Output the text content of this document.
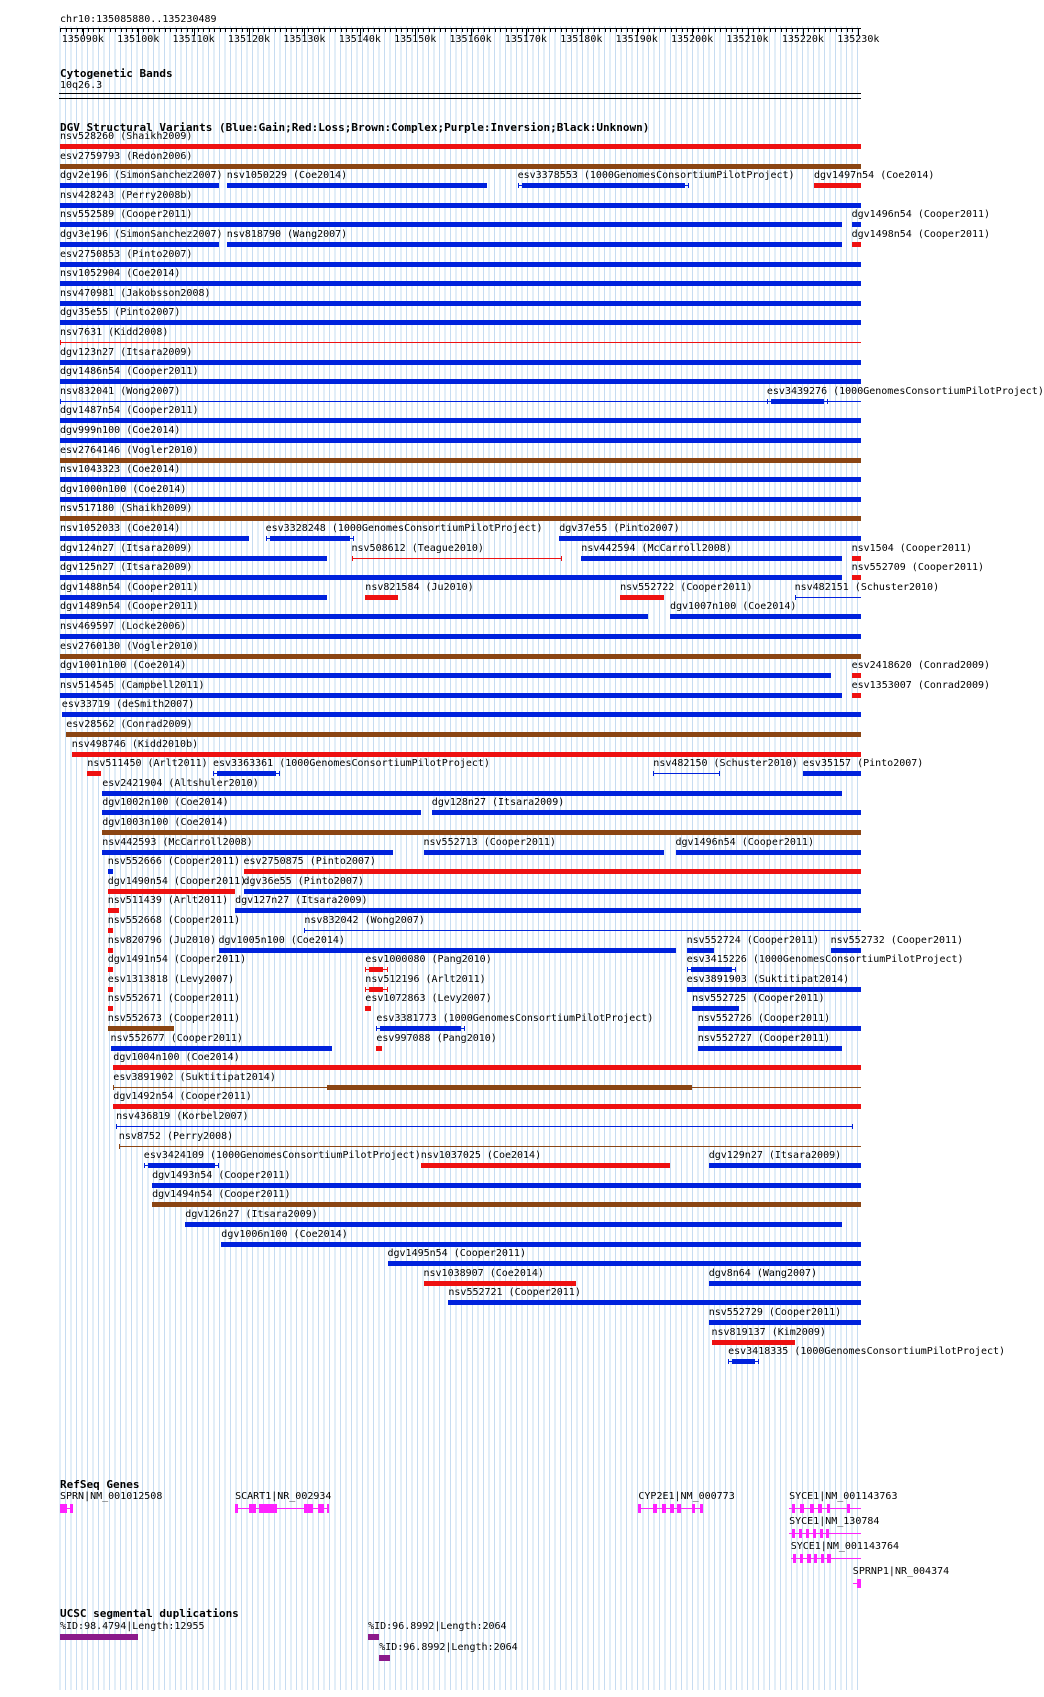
chr10:135085880..135230489
135090k 135100k 135110k 135120k 135130k 135140k 135150k 135160k 135170k 135180k 135190k 135200k 135210k 135220k 135230k
Cytogenetic Bands
10q26.3
DGV Structural Variants (Blue:Gain;Red:Loss;Brown:Complex;Purple:Inversion;Black:Unknown)
RefSeq Genes
UCSC segmental duplications
nsv528260 (Shaikh2009)
esv2759793 (Redon2006)
dgv2e196 (SimonSanchez2007) nsv1050229 (Coe2014)	esv3378553 (1000GenomesConsortiumPilotProject) dgv1497n54 (Coe2014)
nsv428243 (Perry2008b)
nsv552589 (Cooper2011)	dgv1496n54 (Cooper2011)
dgv3e196 (SimonSanchez2007) nsv818790 (Wang2007)	dgv1498n54 (Cooper2011)
esv2750853 (Pinto2007)
nsv1052904 (Coe2014)
nsv470981 (Jakobsson2008)
dgv35e55 (Pinto2007)
nsv7631 (Kidd2008)
dgv123n27 (Itsara2009)
dgv1486n54 (Cooper2011)
nsv832041 (Wong2007)	esv3439276 (1000GenomesConsortiumPilotProject)
dgv1487n54 (Cooper2011)
dgv999n100 (Coe2014)
esv2764146 (Vogler2010)
nsv1043323 (Coe2014)
dgv1000n100 (Coe2014)
nsv517180 (Shaikh2009)
nsv1052033 (Coe2014)	esv3328248 (1000GenomesConsortiumPilotProject) dgv37e55 (Pinto2007)
dgv124n27 (Itsara2009)	nsv508612 (Teague2010)	nsv442594 (McCarroll2008)	nsv1504 (Cooper2011)
dgv125n27 (Itsara2009)	nsv552709 (Cooper2011)
dgv1488n54 (Cooper2011)	nsv821584 (Ju2010)	nsv552722 (Cooper2011)	nsv482151 (Schuster2010)
dgv1489n54 (Cooper2011)	dgv1007n100 (Coe2014)
nsv469597 (Locke2006)
esv2760130 (Vogler2010)
dgv1001n100 (Coe2014)	esv2418620 (Conrad2009)
nsv514545 (Campbell2011)	esv1353007 (Conrad2009)
esv33719 (deSmith2007)
esv28562 (Conrad2009)
nsv498746 (Kidd2010b)
nsv511450 (Arlt2011) esv3363361 (1000GenomesConsortiumPilotProject)	nsv482150 (Schuster2010) esv35157 (Pinto2007)
esv2421904 (Altshuler2010)
dgv1002n100 (Coe2014)	dgv128n27 (Itsara2009)
dgv1003n100 (Coe2014)
nsv442593 (McCarroll2008)	nsv552713 (Cooper2011)	dgv1496n54 (Cooper2011)
nsv552666 (Cooper2011) esv2750875 (Pinto2007)
dgv1490n54 (Cooper2011)
dgv36e55 (Pinto2007)
nsv511439 (Arlt2011) dgv127n27 (Itsara2009)
nsv552668 (Cooper2011)	nsv832042 (Wong2007)
nsv820796 (Ju2010) dgv1005n100 (Coe2014)	nsv552724 (Cooper2011) nsv552732 (Cooper2011)
dgv1491n54 (Cooper2011)	esv1000080 (Pang2010)	esv3415226 (1000GenomesConsortiumPilotProject)
esv1313818 (Levy2007)	nsv512196 (Arlt2011)	esv3891903 (Suktitipat2014)
nsv552671 (Cooper2011)	esv1072863 (Levy2007)	nsv552725 (Cooper2011)
nsv552673 (Cooper2011)	esv3381773 (1000GenomesConsortiumPilotProject)	nsv552726 (Cooper2011)
nsv552677 (Cooper2011)	esv997088 (Pang2010)	nsv552727 (Cooper2011)
dgv1004n100 (Coe2014)
esv3891902 (Suktitipat2014)
dgv1492n54 (Cooper2011)
nsv436819 (Korbel2007)
nsv8752 (Perry2008)
esv3424109 (1000GenomesConsortiumPilotProject) nsv1037025 (Coe2014)	dgv129n27 (Itsara2009)
dgv1493n54 (Cooper2011)
dgv1494n54 (Cooper2011)
dgv126n27 (Itsara2009)
dgv1006n100 (Coe2014)
dgv1495n54 (Cooper2011)
nsv1038907 (Coe2014)	dgv8n64 (Wang2007)
nsv552721 (Cooper2011)
nsv552729 (Cooper2011)
nsv819137 (Kim2009)
esv3418335 (1000GenomesConsortiumPilotProject)
SPRN|NM_001012508	SCART1|NR_002934	CYP2E1|NM_000773	SYCE1|NM_001143763
SYCE1|NM_130784
SYCE1|NM_001143764
SPRNP1|NR_004374
%ID:98.4794|Length:12955	%ID:96.8992|Length:2064
%ID:96.8992|Length:2064
